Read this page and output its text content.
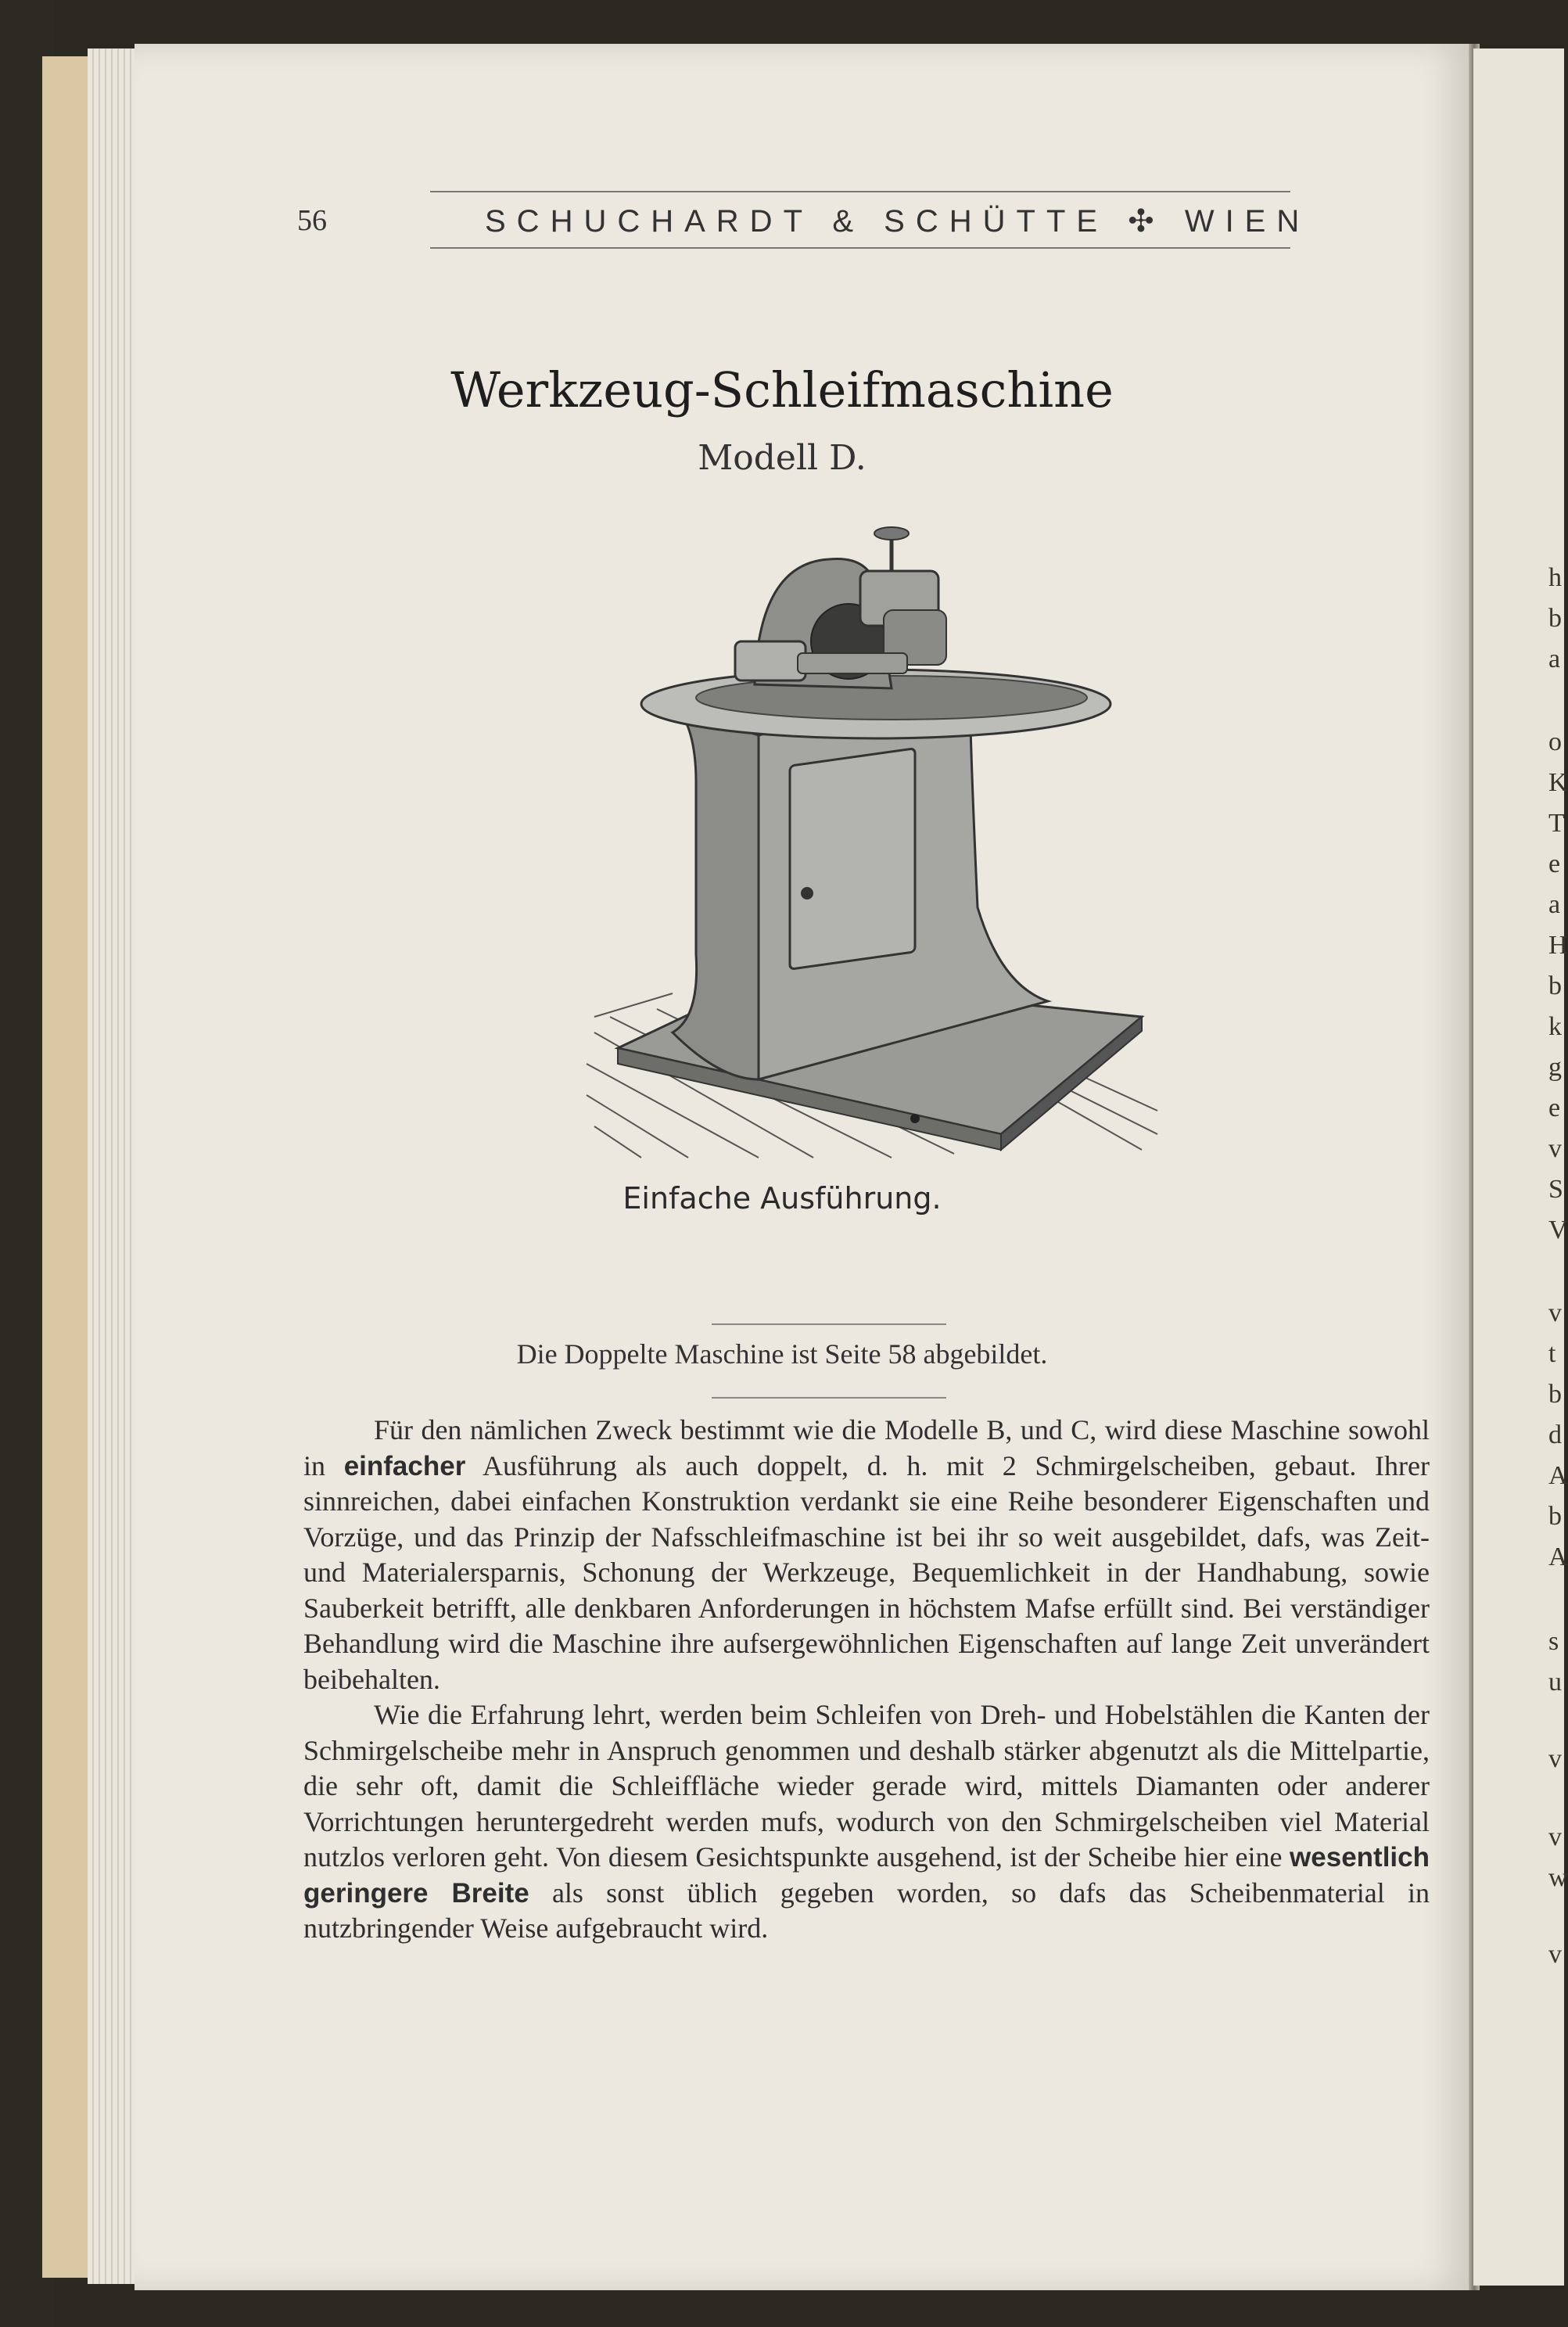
h
b
a
o
K
T
e
a
H
b
k
g
e
v
S
V
v
t
b
d
A
b
A
s
u
v
v
w
v
56	SCHUCHARDT & SCHÜTTE ✣ WIEN
Werkzeug-Schleifmaschine
Modell D.
Einfache Ausführung.
Die Doppelte Maschine ist Seite 58 abgebildet.

Für den nämlichen Zweck bestimmt wie die Modelle B, und C, wird diese Maschine sowohl in einfacher Ausführung als auch doppelt, d. h. mit 2 Schmirgelscheiben, gebaut. Ihrer sinnreichen, dabei einfachen Konstruktion verdankt sie eine Reihe besonderer Eigenschaften und Vorzüge, und das Prinzip der Nafsschleifmaschine ist bei ihr so weit ausgebildet, dafs, was Zeit- und Materialersparnis, Schonung der Werkzeuge, Bequemlichkeit in der Handhabung, sowie Sauberkeit betrifft, alle denkbaren Anforderungen in höchstem Mafse erfüllt sind. Bei verständiger Behandlung wird die Maschine ihre aufsergewöhnlichen Eigenschaften auf lange Zeit unverändert beibehalten.

Wie die Erfahrung lehrt, werden beim Schleifen von Dreh- und Hobelstählen die Kanten der Schmirgelscheibe mehr in Anspruch genommen und deshalb stärker abgenutzt als die Mittelpartie, die sehr oft, damit die Schleiffläche wieder gerade wird, mittels Diamanten oder anderer Vorrichtungen heruntergedreht werden mufs, wodurch von den Schmirgelscheiben viel Material nutzlos verloren geht. Von diesem Gesichtspunkte ausgehend, ist der Scheibe hier eine wesentlich geringere Breite als sonst üblich gegeben worden, so dafs das Scheibenmaterial in nutzbringender Weise aufgebraucht wird.
